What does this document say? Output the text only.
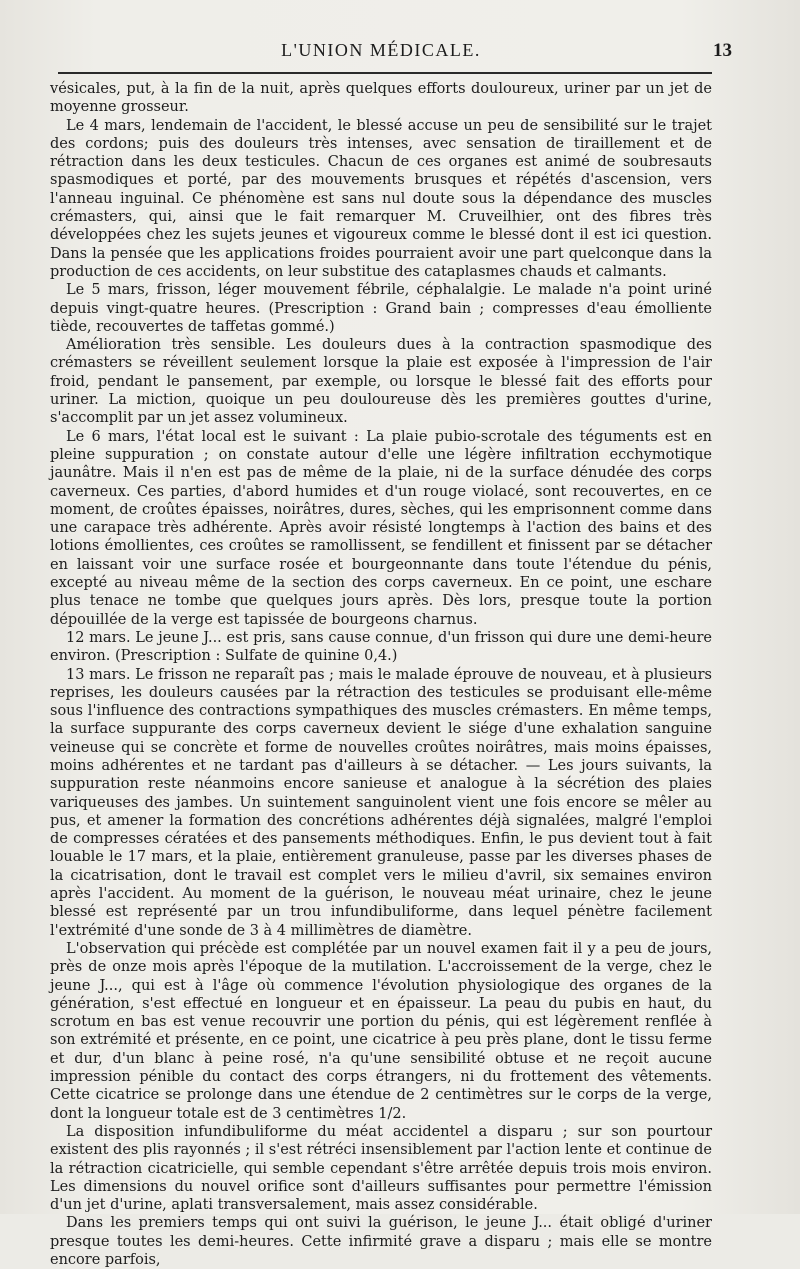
L'UNION MÉDICALE.	13

vésicales, put, à la fin de la nuit, après quelques efforts douloureux, uriner par un jet de moyenne grosseur.

Le 4 mars, lendemain de l'accident, le blessé accuse un peu de sensibilité sur le trajet des cordons; puis des douleurs très intenses, avec sensation de tiraillement et de rétraction dans les deux testicules. Chacun de ces organes est animé de soubresauts spasmodiques et porté, par des mouvements brusques et répétés d'ascension, vers l'anneau inguinal. Ce phénomène est sans nul doute sous la dépendance des muscles crémasters, qui, ainsi que le fait remarquer M. Cruveilhier, ont des fibres très développées chez les sujets jeunes et vigoureux comme le blessé dont il est ici question. Dans la pensée que les applications froides pourraient avoir une part quelconque dans la production de ces accidents, on leur substitue des cataplasmes chauds et calmants.

Le 5 mars, frisson, léger mouvement fébrile, céphalalgie. Le malade n'a point uriné depuis vingt-quatre heures. (Prescription : Grand bain ; compresses d'eau émolliente tiède, recouvertes de taffetas gommé.)

Amélioration très sensible. Les douleurs dues à la contraction spasmodique des crémasters se réveillent seulement lorsque la plaie est exposée à l'impression de l'air froid, pendant le pansement, par exemple, ou lorsque le blessé fait des efforts pour uriner. La miction, quoique un peu douloureuse dès les premières gouttes d'urine, s'accomplit par un jet assez volumineux.

Le 6 mars, l'état local est le suivant : La plaie pubio-scrotale des téguments est en pleine suppuration ; on constate autour d'elle une légère infiltration ecchymotique jaunâtre. Mais il n'en est pas de même de la plaie, ni de la surface dénudée des corps caverneux. Ces parties, d'abord humides et d'un rouge violacé, sont recouvertes, en ce moment, de croûtes épaisses, noirâtres, dures, sèches, qui les emprisonnent comme dans une carapace très adhérente. Après avoir résisté longtemps à l'action des bains et des lotions émollientes, ces croûtes se ramollissent, se fendillent et finissent par se détacher en laissant voir une surface rosée et bourgeonnante dans toute l'étendue du pénis, excepté au niveau même de la section des corps caverneux. En ce point, une eschare plus tenace ne tombe que quelques jours après. Dès lors, presque toute la portion dépouillée de la verge est tapissée de bourgeons charnus.

12 mars. Le jeune J... est pris, sans cause connue, d'un frisson qui dure une demi-heure environ. (Prescription : Sulfate de quinine 0,4.)

13 mars. Le frisson ne reparaît pas ; mais le malade éprouve de nouveau, et à plusieurs reprises, les douleurs causées par la rétraction des testicules se produisant elle-même sous l'influence des contractions sympathiques des muscles crémasters. En même temps, la surface suppurante des corps caverneux devient le siége d'une exhalation sanguine veineuse qui se concrète et forme de nouvelles croûtes noirâtres, mais moins épaisses, moins adhérentes et ne tardant pas d'ailleurs à se détacher. — Les jours suivants, la suppuration reste néanmoins encore sanieuse et analogue à la sécrétion des plaies variqueuses des jambes. Un suintement sanguinolent vient une fois encore se mêler au pus, et amener la formation des concrétions adhérentes déjà signalées, malgré l'emploi de compresses cératées et des pansements méthodiques. Enfin, le pus devient tout à fait louable le 17 mars, et la plaie, entièrement granuleuse, passe par les diverses phases de la cicatrisation, dont le travail est complet vers le milieu d'avril, six semaines environ après l'accident. Au moment de la guérison, le nouveau méat urinaire, chez le jeune blessé est représenté par un trou infundibuliforme, dans lequel pénètre facilement l'extrémité d'une sonde de 3 à 4 millimètres de diamètre.

L'observation qui précède est complétée par un nouvel examen fait il y a peu de jours, près de onze mois après l'époque de la mutilation. L'accroissement de la verge, chez le jeune J..., qui est à l'âge où commence l'évolution physiologique des organes de la génération, s'est effectué en longueur et en épaisseur. La peau du pubis en haut, du scrotum en bas est venue recouvrir une portion du pénis, qui est légèrement renflée à son extrémité et présente, en ce point, une cicatrice à peu près plane, dont le tissu ferme et dur, d'un blanc à peine rosé, n'a qu'une sensibilité obtuse et ne reçoit aucune impression pénible du contact des corps étrangers, ni du frottement des vêtements. Cette cicatrice se prolonge dans une étendue de 2 centimètres sur le corps de la verge, dont la longueur totale est de 3 centimètres 1/2.

La disposition infundibuliforme du méat accidentel a disparu ; sur son pourtour existent des plis rayonnés ; il s'est rétréci insensiblement par l'action lente et continue de la rétraction cicatricielle, qui semble cependant s'être arrêtée depuis trois mois environ. Les dimensions du nouvel orifice sont d'ailleurs suffisantes pour permettre l'émission d'un jet d'urine, aplati transversalement, mais assez considérable.

Dans les premiers temps qui ont suivi la guérison, le jeune J... était obligé d'uriner presque toutes les demi-heures. Cette infirmité grave a disparu ; mais elle se montre encore parfois,
